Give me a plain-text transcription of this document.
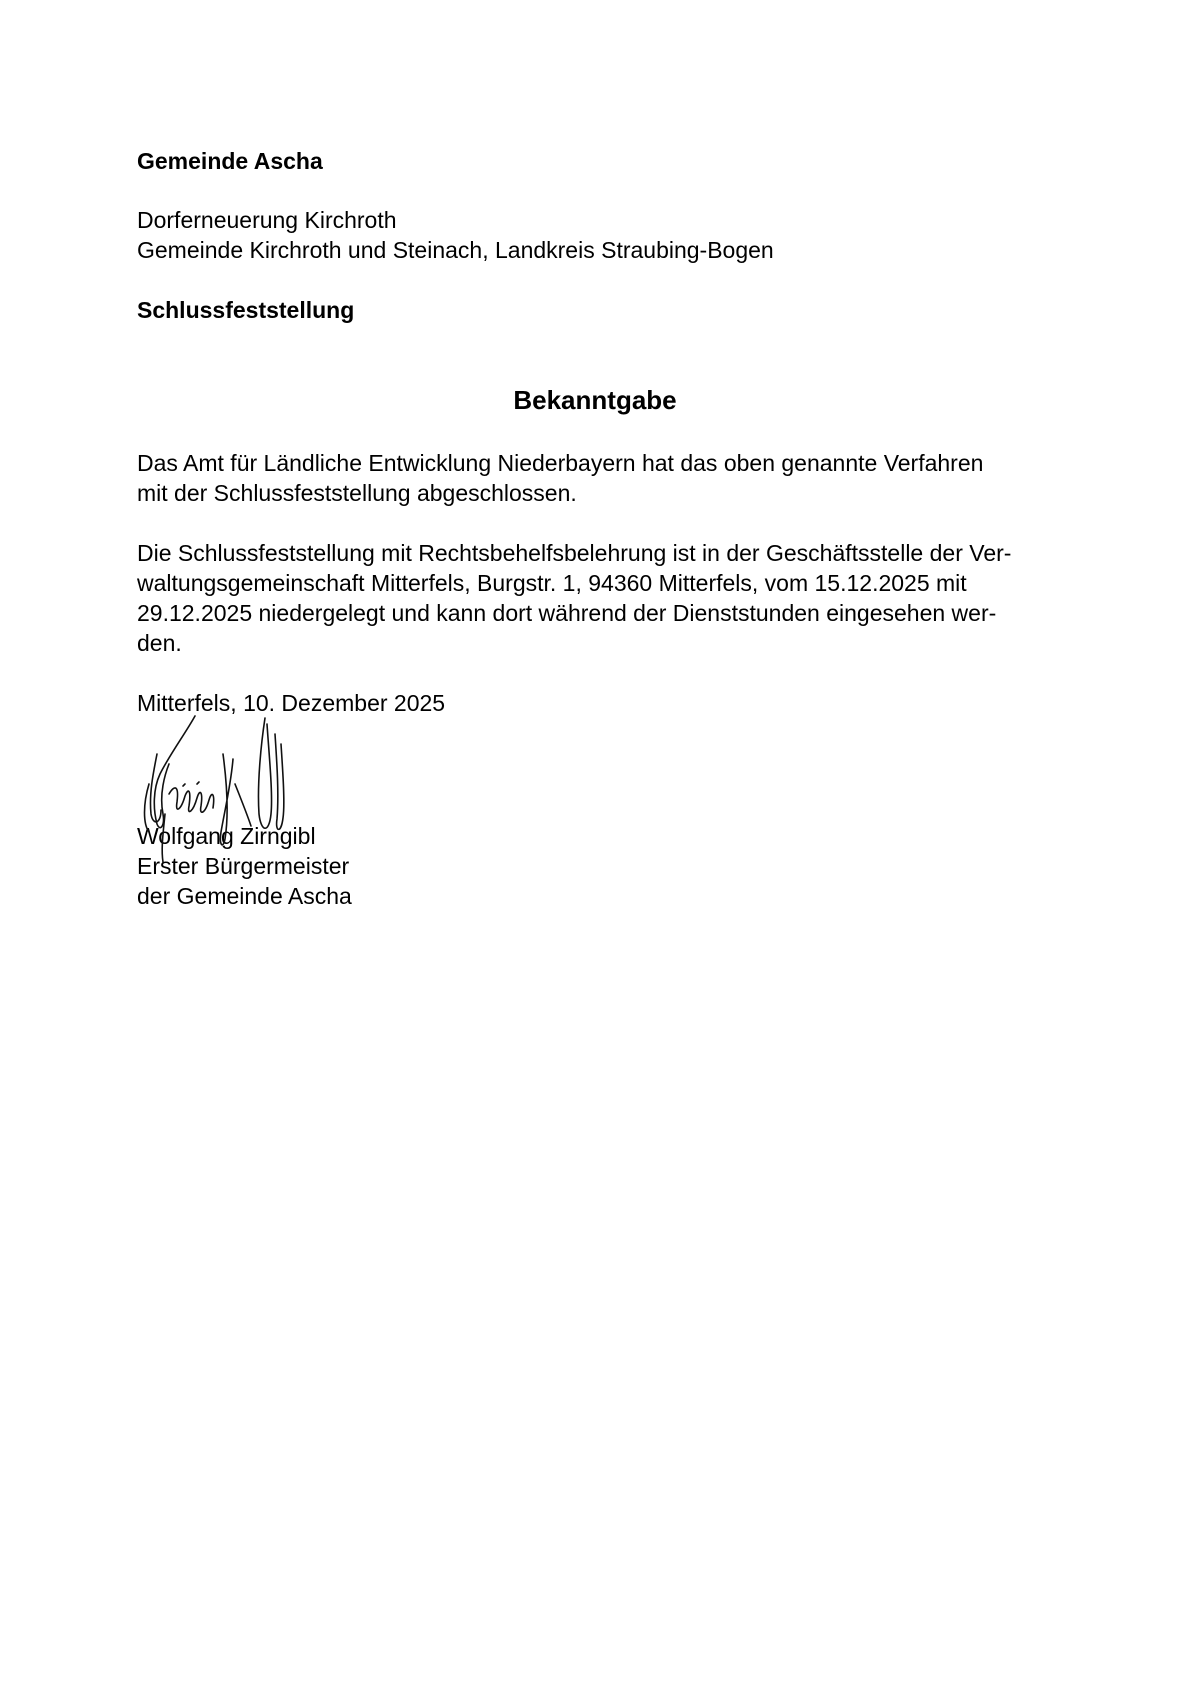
Gemeinde Ascha

Dorferneuerung Kirchroth

Gemeinde Kirchroth und Steinach, Landkreis Straubing-Bogen

Schlussfeststellung

Bekanntgabe

Das Amt für Ländliche Entwicklung Niederbayern hat das oben genannte Verfahren

mit der Schlussfeststellung abgeschlossen.

Die Schlussfeststellung mit Rechtsbehelfsbelehrung ist in der Geschäftsstelle der Ver-

waltungsgemeinschaft Mitterfels, Burgstr. 1, 94360 Mitterfels, vom 15.12.2025 mit

29.12.2025 niedergelegt und kann dort während der Dienststunden eingesehen wer-

den.

Mitterfels, 10. Dezember 2025

Wolfgang Zirngibl

Erster Bürgermeister

der Gemeinde Ascha
